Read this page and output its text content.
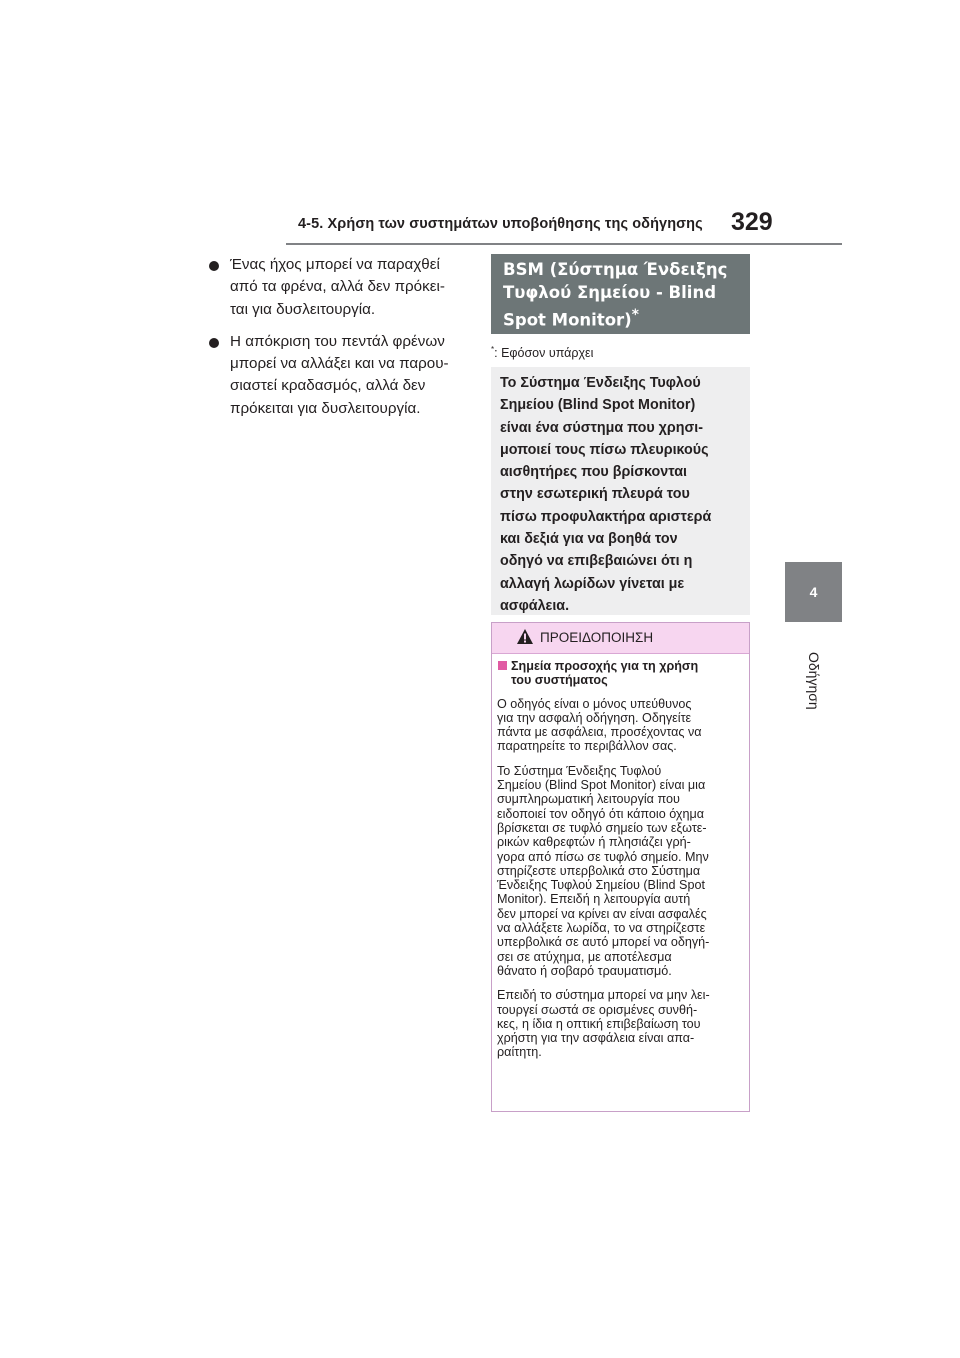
4-5. Χρήση των συστημάτων υποβοήθησης της οδήγησης 329
4
Οδήγηση
Ένας ήχος μπορεί να παραχθεί
από τα φρένα, αλλά δεν πρόκει-
ται για δυσλειτουργία.
Η απόκριση του πεντάλ φρένων
μπορεί να αλλάξει και να παρου-
σιαστεί κραδασμός, αλλά δεν
πρόκειται για δυσλειτουργία.
BSM (Σύστημα Ένδειξης
Τυφλού Σημείου - Blind
Spot Monitor)*
*: Εφόσον υπάρχει
Το Σύστημα Ένδειξης Τυφλού
Σημείου (Blind Spot Monitor)
είναι ένα σύστημα που χρησι-
μοποιεί τους πίσω πλευρικούς
αισθητήρες που βρίσκονται
στην εσωτερική πλευρά του
πίσω προφυλακτήρα αριστερά
και δεξιά για να βοηθά τον
οδηγό να επιβεβαιώνει ότι η
αλλαγή λωρίδων γίνεται με
ασφάλεια.
ΠΡΟΕΙΔΟΠΟΙΗΣΗ
Σημεία προσοχής για τη χρήση
του συστήματος
Ο οδηγός είναι ο μόνος υπεύθυνος
για την ασφαλή οδήγηση. Οδηγείτε
πάντα με ασφάλεια, προσέχοντας να
παρατηρείτε το περιβάλλον σας.
Το Σύστημα Ένδειξης Τυφλού
Σημείου (Blind Spot Monitor) είναι μια
συμπληρωματική λειτουργία που
ειδοποιεί τον οδηγό ότι κάποιο όχημα
βρίσκεται σε τυφλό σημείο των εξωτε-
ρικών καθρεφτών ή πλησιάζει γρή-
γορα από πίσω σε τυφλό σημείο. Μην
στηρίζεστε υπερβολικά στο Σύστημα
Ένδειξης Τυφλού Σημείου (Blind Spot
Monitor). Επειδή η λειτουργία αυτή
δεν μπορεί να κρίνει αν είναι ασφαλές
να αλλάξετε λωρίδα, το να στηρίζεστε
υπερβολικά σε αυτό μπορεί να οδηγή-
σει σε ατύχημα, με αποτέλεσμα
θάνατο ή σοβαρό τραυματισμό.
Επειδή το σύστημα μπορεί να μην λει-
τουργεί σωστά σε ορισμένες συνθή-
κες, η ίδια η οπτική επιβεβαίωση του
χρήστη για την ασφάλεια είναι απα-
ραίτητη.
